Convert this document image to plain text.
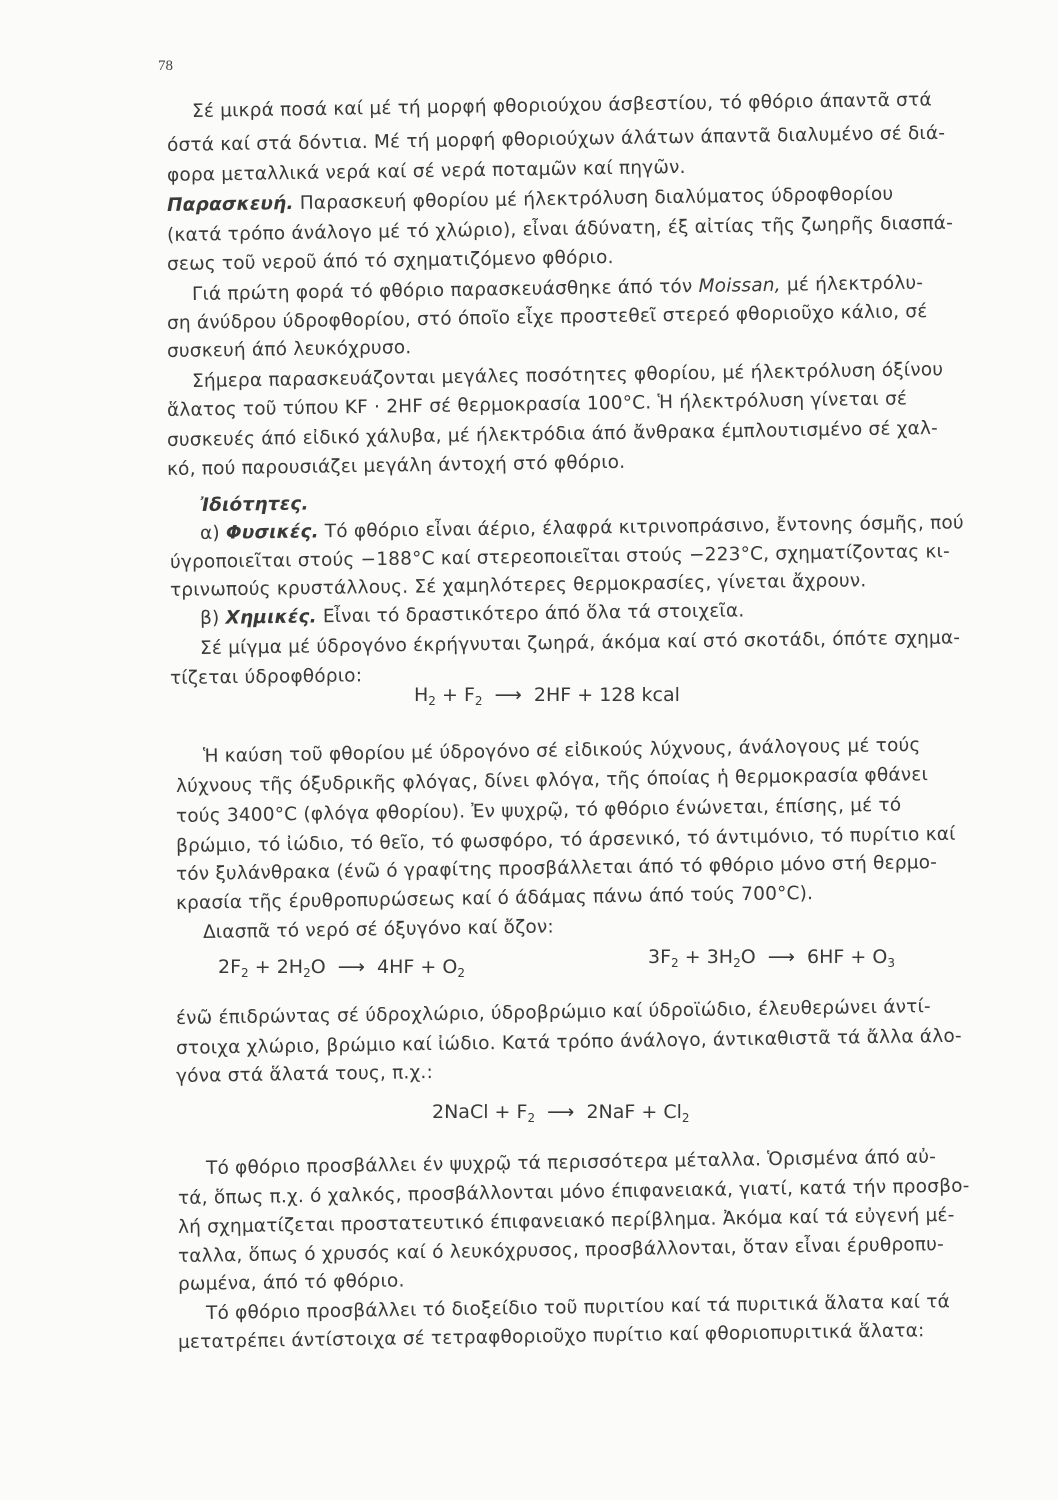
78
Σέ μικρά ποσά καί μέ τή μορφή φθοριούχου άσβεστίου, τό φθόριο άπαντᾶ στά
όστά καί στά δόντια. Μέ τή μορφή φθοριούχων άλάτων άπαντᾶ διαλυμένο σέ διά-
φορα μεταλλικά νερά καί σέ νερά ποταμῶν καί πηγῶν.
Παρασκευή. Παρασκευή φθορίου μέ ήλεκτρόλυση διαλύματος ύδροφθορίου
(κατά τρόπο άνάλογο μέ τό χλώριο), εἶναι άδύνατη, έξ αἰτίας τῆς ζωηρῆς διασπά-
σεως τοῦ νεροῦ άπό τό σχηματιζόμενο φθόριο.
Γιά πρώτη φορά τό φθόριο παρασκευάσθηκε άπό τόν Moissan, μέ ήλεκτρόλυ-
ση άνύδρου ύδροφθορίου, στό όποῖο εἶχε προστεθεῖ στερεό φθοριοῦχο κάλιο, σέ
συσκευή άπό λευκόχρυσο.
Σήμερα παρασκευάζονται μεγάλες ποσότητες φθορίου, μέ ήλεκτρόλυση όξίνου
ἅλατος τοῦ τύπου KF · 2HF σέ θερμοκρασία 100°C. Ἡ ήλεκτρόλυση γίνεται σέ
συσκευές άπό εἰδικό χάλυβα, μέ ήλεκτρόδια άπό ἄνθρακα έμπλουτισμένο σέ χαλ-
κό, πού παρουσιάζει μεγάλη άντοχή στό φθόριο.
Ἰδιότητες.
α) Φυσικές. Τό φθόριο εἶναι άέριο, έλαφρά κιτρινοπράσινο, ἔντονης όσμῆς, πού
ύγροποιεῖται στούς −188°C καί στερεοποιεῖται στούς −223°C, σχηματίζοντας κι-
τρινωπούς κρυστάλλους. Σέ χαμηλότερες θερμοκρασίες, γίνεται ἄχρουν.
β) Χημικές. Εἶναι τό δραστικότερο άπό ὅλα τά στοιχεῖα.
Σέ μίγμα μέ ύδρογόνο έκρήγνυται ζωηρά, άκόμα καί στό σκοτάδι, όπότε σχημα-
τίζεται ύδροφθόριο:
$H_2 + F_2$ ⟶ 2HF + 128 kcal
Ἡ καύση τοῦ φθορίου μέ ύδρογόνο σέ εἰδικούς λύχνους, άνάλογους μέ τούς
λύχνους τῆς όξυδρικῆς φλόγας, δίνει φλόγα, τῆς όποίας ἡ θερμοκρασία φθάνει
τούς 3400°C (φλόγα φθορίου). Ἐν ψυχρῷ, τό φθόριο ένώνεται, έπίσης, μέ τό
βρώμιο, τό ἰώδιο, τό θεῖο, τό φωσφόρο, τό άρσενικό, τό άντιμόνιο, τό πυρίτιο καί
τόν ξυλάνθρακα (ένῶ ό γραφίτης προσβάλλεται άπό τό φθόριο μόνο στή θερμο-
κρασία τῆς έρυθροπυρώσεως καί ό άδάμας πάνω άπό τούς 700°C).
Διασπᾶ τό νερό σέ όξυγόνο καί ὄζον:
$2F_2 + 2H_2O$ ⟶ $4HF + O_2$
$3F_2 + 3H_2O$ ⟶ $6HF + O_3$
ένῶ έπιδρώντας σέ ύδροχλώριο, ύδροβρώμιο καί ύδροϊώδιο, έλευθερώνει άντί-
στοιχα χλώριο, βρώμιο καί ἰώδιο. Κατά τρόπο άνάλογο, άντικαθιστᾶ τά ἄλλα άλο-
γόνα στά ἅλατά τους, π.χ.:
2NaCl + $F_2$ ⟶ $2NaF + Cl_2$
Τό φθόριο προσβάλλει έν ψυχρῷ τά περισσότερα μέταλλα. Ὁρισμένα άπό αὐ-
τά, ὅπως π.χ. ό χαλκός, προσβάλλονται μόνο έπιφανειακά, γιατί, κατά τήν προσβο-
λή σχηματίζεται προστατευτικό έπιφανειακό περίβλημα. Ἀκόμα καί τά εὐγενή μέ-
ταλλα, ὅπως ό χρυσός καί ό λευκόχρυσος, προσβάλλονται, ὅταν εἶναι έρυθροπυ-
ρωμένα, άπό τό φθόριο.
Τό φθόριο προσβάλλει τό διοξείδιο τοῦ πυριτίου καί τά πυριτικά ἅλατα καί τά
μετατρέπει άντίστοιχα σέ τετραφθοριοῦχο πυρίτιο καί φθοριοπυριτικά ἅλατα:
